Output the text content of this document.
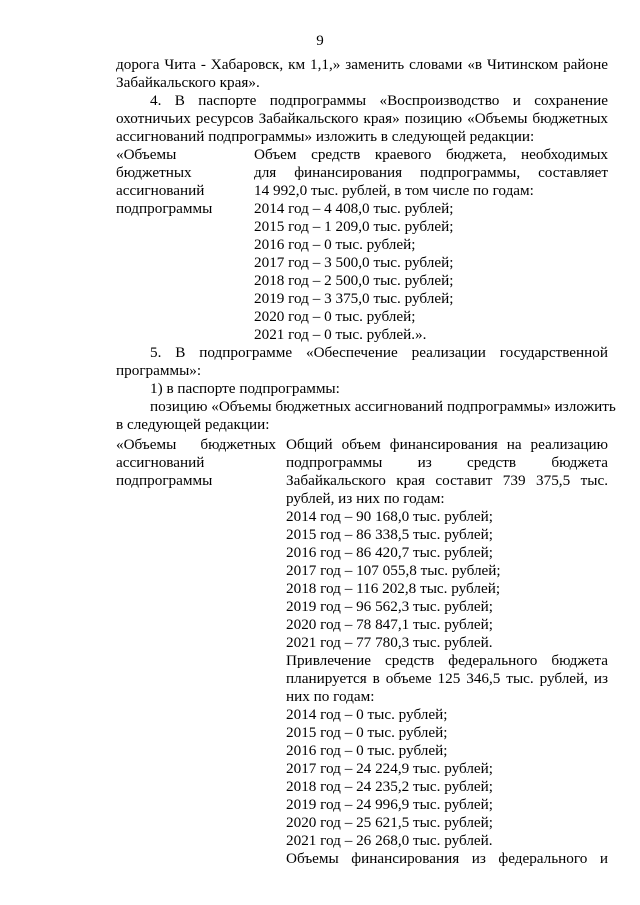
9
дорога Чита - Хабаровск, км 1,1,» заменить словами «в Читинском районе
Забайкальского края».
4. В паспорте подпрограммы «Воспроизводство и сохранение
охотничьих ресурсов Забайкальского края» позицию «Объемы бюджетных
ассигнований подпрограммы» изложить в следующей редакции:
«Объемы
бюджетных
ассигнований
подпрограммы
Объем средств краевого бюджета, необходимых
для финансирования подпрограммы, составляет
14 992,0 тыс. рублей, в том числе по годам:
2014 год – 4 408,0 тыс. рублей;
2015 год – 1 209,0 тыс. рублей;
2016 год – 0 тыс. рублей;
2017 год – 3 500,0 тыс. рублей;
2018 год – 2 500,0 тыс. рублей;
2019 год – 3 375,0 тыс. рублей;
2020 год – 0 тыс. рублей;
2021 год – 0 тыс. рублей.».
5. В подпрограмме «Обеспечение реализации государственной
программы»:
1) в паспорте подпрограммы:
позицию «Объемы бюджетных ассигнований подпрограммы» изложить
в следующей редакции:
«Объемы бюджетных
ассигнований
подпрограммы
Общий объем финансирования на реализацию
подпрограммы из средств бюджета
Забайкальского края составит 739 375,5 тыс.
рублей, из них по годам:
2014 год – 90 168,0 тыс. рублей;
2015 год – 86 338,5 тыс. рублей;
2016 год – 86 420,7 тыс. рублей;
2017 год – 107 055,8 тыс. рублей;
2018 год – 116 202,8 тыс. рублей;
2019 год – 96 562,3 тыс. рублей;
2020 год – 78 847,1 тыс. рублей;
2021 год – 77 780,3 тыс. рублей.
Привлечение средств федерального бюджета
планируется в объеме 125 346,5 тыс. рублей, из
них по годам:
2014 год – 0 тыс. рублей;
2015 год – 0 тыс. рублей;
2016 год – 0 тыс. рублей;
2017 год – 24 224,9 тыс. рублей;
2018 год – 24 235,2 тыс. рублей;
2019 год – 24 996,9 тыс. рублей;
2020 год – 25 621,5 тыс. рублей;
2021 год – 26 268,0 тыс. рублей.
Объемы финансирования из федерального и
